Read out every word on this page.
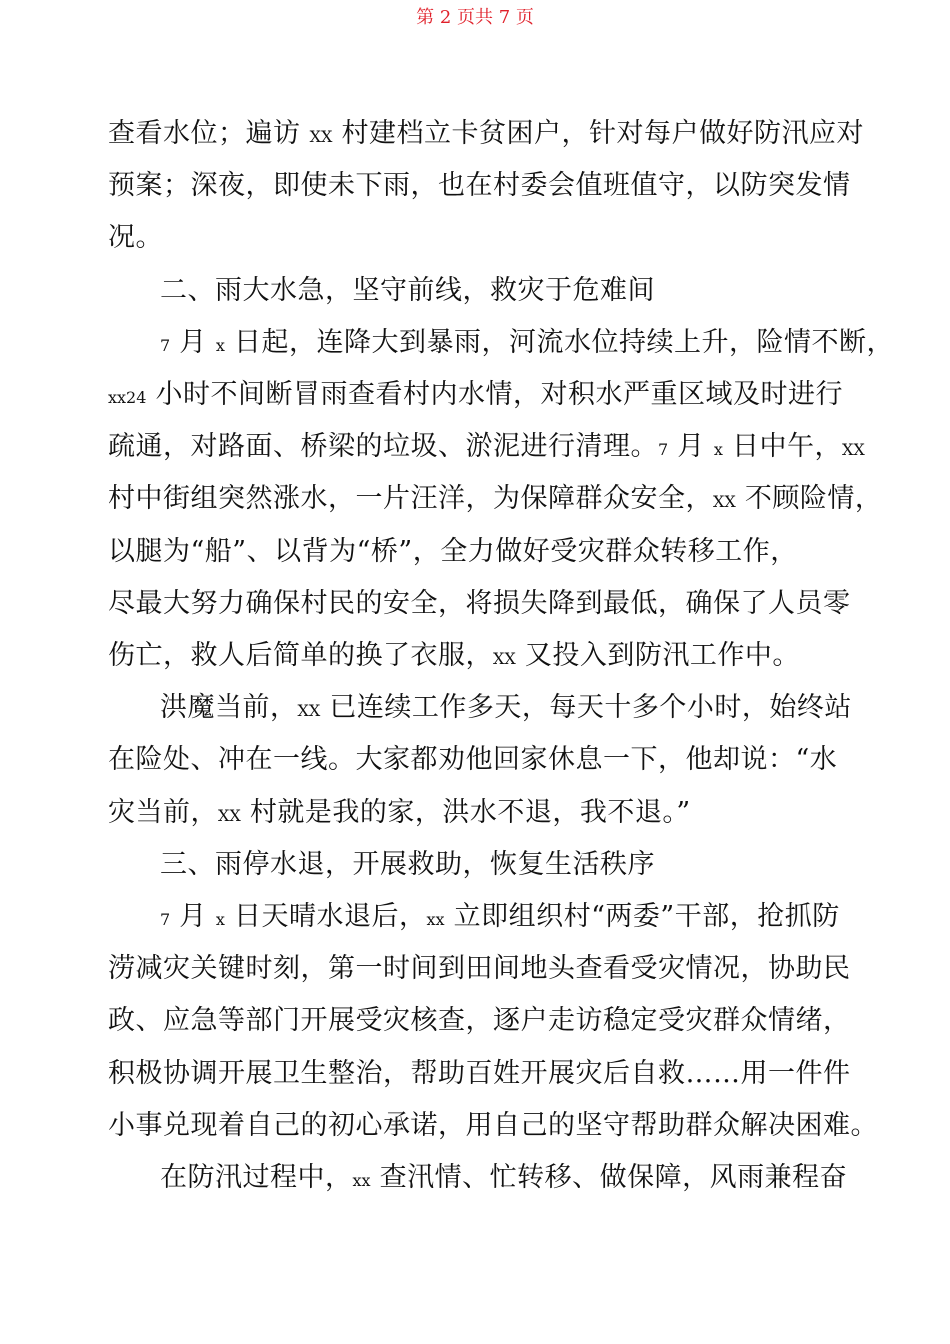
第 2 页共 7 页
查看水位；遍访 XX 村建档立卡贫困户，针对每户做好防汛应对
预案；深夜，即使未下雨，也在村委会值班值守，以防突发情
况。
二、雨大水急，坚守前线，救灾于危难间
7 月 x 日起，连降大到暴雨，河流水位持续上升，险情不断，
xx24 小时不间断冒雨查看村内水情，对积水严重区域及时进行
疏通，对路面、桥梁的垃圾、淤泥进行清理。7 月 x 日中午，XX
村中街组突然涨水，一片汪洋，为保障群众安全，XX 不顾险情，
以腿为“船”、以背为“桥”，全力做好受灾群众转移工作，
尽最大努力确保村民的安全，将损失降到最低，确保了人员零
伤亡，救人后简单的换了衣服，XX 又投入到防汛工作中。
洪魔当前，XX 已连续工作多天，每天十多个小时，始终站
在险处、冲在一线。大家都劝他回家休息一下，他却说：“水
灾当前，XX 村就是我的家，洪水不退，我不退。”
三、雨停水退，开展救助，恢复生活秩序
7 月 x 日天晴水退后，xx 立即组织村“两委”干部，抢抓防
涝减灾关键时刻，第一时间到田间地头查看受灾情况，协助民
政、应急等部门开展受灾核查，逐户走访稳定受灾群众情绪，
积极协调开展卫生整治，帮助百姓开展灾后自救……用一件件
小事兑现着自己的初心承诺，用自己的坚守帮助群众解决困难。
在防汛过程中，xx 查汛情、忙转移、做保障，风雨兼程奋
